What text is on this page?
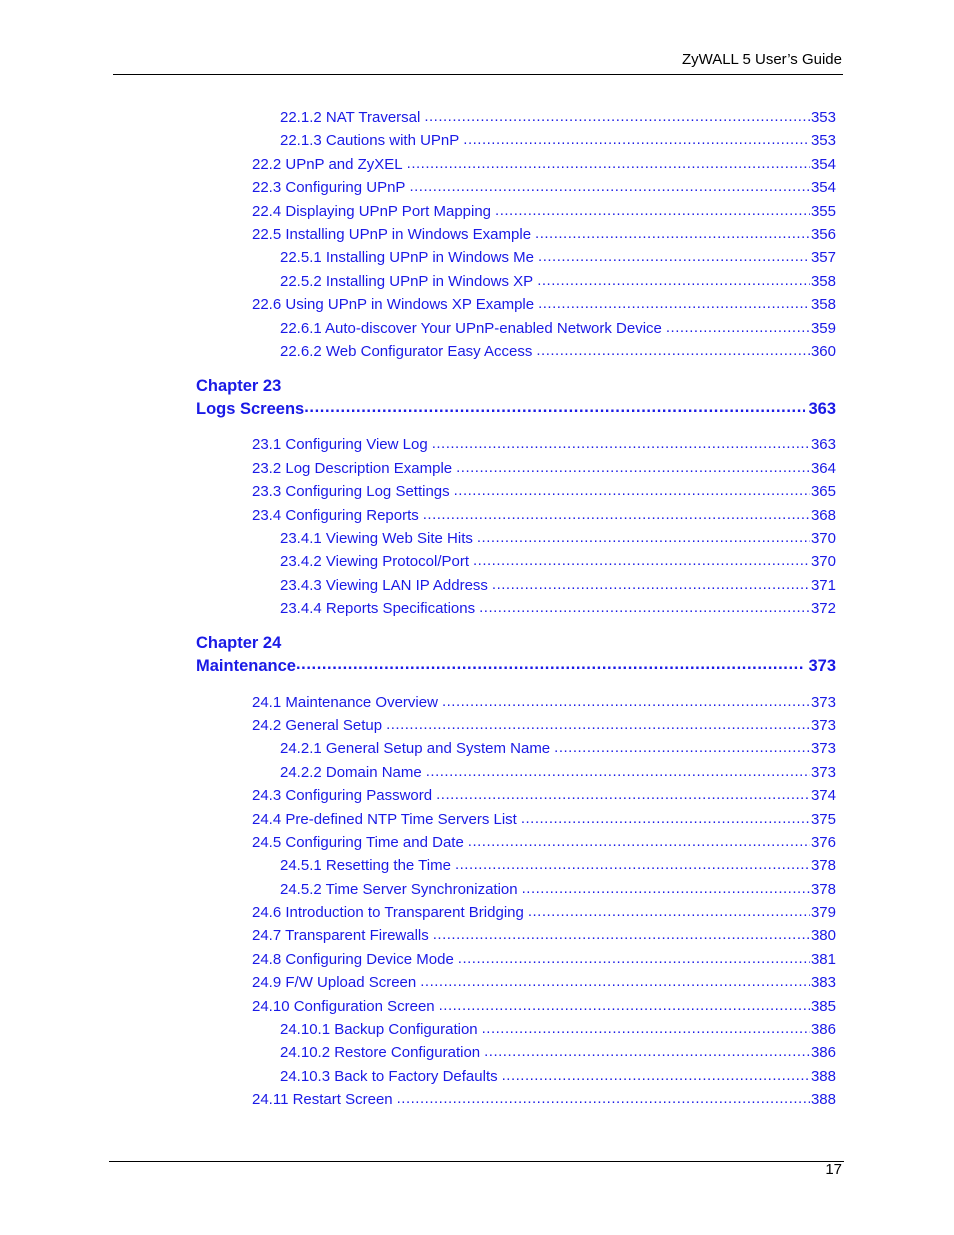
ZyWALL 5 User’s Guide
22.1.2 NAT Traversal .....	353
22.1.3 Cautions with UPnP .....	353
22.2 UPnP and ZyXEL .....	354
22.3 Configuring UPnP .....	354
22.4 Displaying UPnP Port Mapping .....	355
22.5 Installing UPnP in Windows Example .....	356
22.5.1 Installing UPnP in Windows Me .....	357
22.5.2 Installing UPnP in Windows XP .....	358
22.6 Using UPnP in Windows XP Example .....	358
22.6.1 Auto-discover Your UPnP-enabled Network Device .....	359
22.6.2 Web Configurator Easy Access .....	360
Chapter 23
Logs Screens .....	363
23.1 Configuring View Log .....	363
23.2 Log Description Example .....	364
23.3 Configuring Log Settings .....	365
23.4 Configuring Reports .....	368
23.4.1 Viewing Web Site Hits .....	370
23.4.2 Viewing Protocol/Port .....	370
23.4.3 Viewing LAN IP Address .....	371
23.4.4 Reports Specifications .....	372
Chapter 24
Maintenance .....	373
24.1 Maintenance Overview .....	373
24.2 General Setup .....	373
24.2.1 General Setup and System Name .....	373
24.2.2 Domain Name .....	373
24.3 Configuring Password .....	374
24.4 Pre-defined NTP Time Servers List .....	375
24.5 Configuring Time and Date .....	376
24.5.1 Resetting the Time .....	378
24.5.2 Time Server Synchronization .....	378
24.6 Introduction to Transparent Bridging .....	379
24.7 Transparent Firewalls .....	380
24.8 Configuring Device Mode .....	381
24.9 F/W Upload Screen .....	383
24.10 Configuration Screen .....	385
24.10.1 Backup Configuration .....	386
24.10.2 Restore Configuration .....	386
24.10.3 Back to Factory Defaults .....	388
24.11 Restart Screen .....	388
17
